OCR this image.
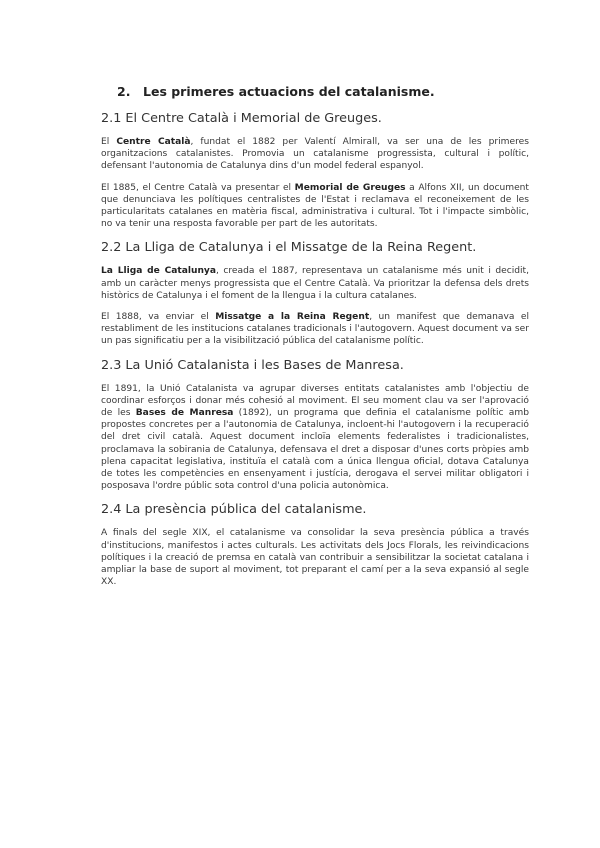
2. Les primeres actuacions del catalanisme.
2.1 El Centre Català i Memorial de Greuges.

El Centre Català, fundat el 1882 per Valentí Almirall, va ser una de les primeres organitzacions catalanistes. Promovia un catalanisme progressista, cultural i polític, defensant l'autonomia de Catalunya dins d'un model federal espanyol.

El 1885, el Centre Català va presentar el Memorial de Greuges a Alfons XII, un document que denunciava les polítiques centralistes de l'Estat i reclamava el reconeixement de les particularitats catalanes en matèria fiscal, administrativa i cultural. Tot i l'impacte simbòlic, no va tenir una resposta favorable per part de les autoritats.

2.2 La Lliga de Catalunya i el Missatge de la Reina Regent.

La Lliga de Catalunya, creada el 1887, representava un catalanisme més unit i decidit, amb un caràcter menys progressista que el Centre Català. Va prioritzar la defensa dels drets històrics de Catalunya i el foment de la llengua i la cultura catalanes.

El 1888, va enviar el Missatge a la Reina Regent, un manifest que demanava el restabliment de les institucions catalanes tradicionals i l'autogovern. Aquest document va ser un pas significatiu per a la visibilització pública del catalanisme polític.

2.3 La Unió Catalanista i les Bases de Manresa.

El 1891, la Unió Catalanista va agrupar diverses entitats catalanistes amb l'objectiu de coordinar esforços i donar més cohesió al moviment. El seu moment clau va ser l'aprovació de les Bases de Manresa (1892), un programa que definia el catalanisme polític amb propostes concretes per a l'autonomia de Catalunya, incloent-hi l'autogovern i la recuperació del dret civil català. Aquest document incloïa elements federalistes i tradicionalistes, proclamava la sobirania de Catalunya, defensava el dret a disposar d'unes corts pròpies amb plena capacitat legislativa, instituïa el català com a única llengua oficial, dotava Catalunya de totes les competències en ensenyament i justícia, derogava el servei militar obligatori i posposava l'ordre públic sota control d'una policia autonòmica.

2.4 La presència pública del catalanisme.

A finals del segle XIX, el catalanisme va consolidar la seva presència pública a través d'institucions, manifestos i actes culturals. Les activitats dels Jocs Florals, les reivindicacions polítiques i la creació de premsa en català van contribuir a sensibilitzar la societat catalana i ampliar la base de suport al moviment, tot preparant el camí per a la seva expansió al segle XX.
